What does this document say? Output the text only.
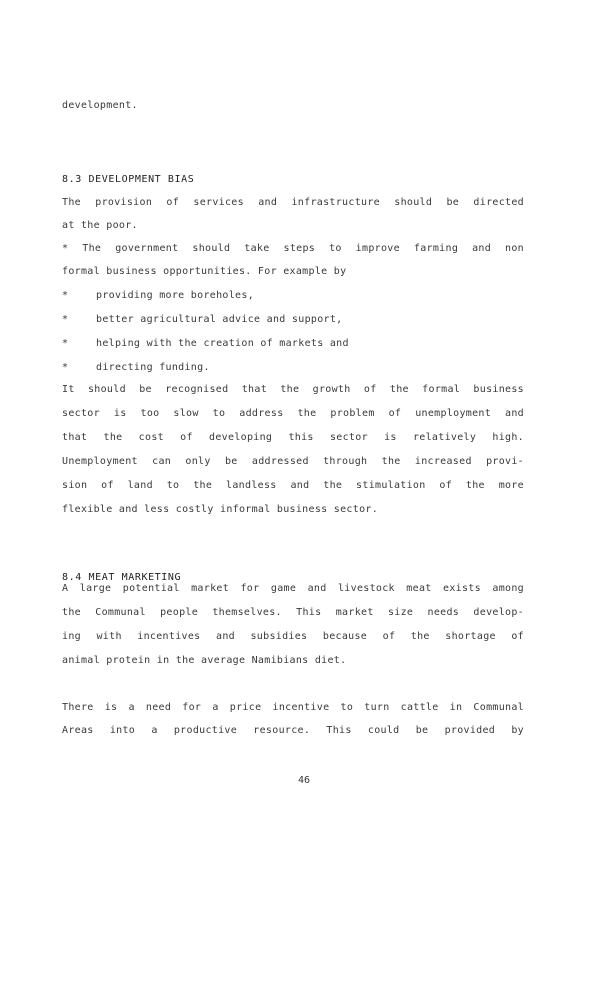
development.
8.3 DEVELOPMENT BIAS
The provision of services and infrastructure should be directed
at the poor.
* The government should take steps to improve farming and non
formal business opportunities. For example by
*	providing more boreholes,
*	better agricultural advice and support,
*	helping with the creation of markets and
*	directing funding.
It should be recognised that the growth of the formal business
sector is too slow to address the problem of unemployment and
that the cost of developing this sector is relatively high.
Unemployment can only be addressed through the increased provi-
sion of land to the landless and the stimulation of the more
flexible and less costly informal business sector.
8.4 MEAT MARKETING
A large potential market for game and livestock meat exists among
the Communal people themselves. This market size needs develop-
ing with incentives and subsidies because of the shortage of
animal protein in the average Namibians diet.
There is a need for a price incentive to turn cattle in Communal
Areas into a productive resource. This could be provided by
46
